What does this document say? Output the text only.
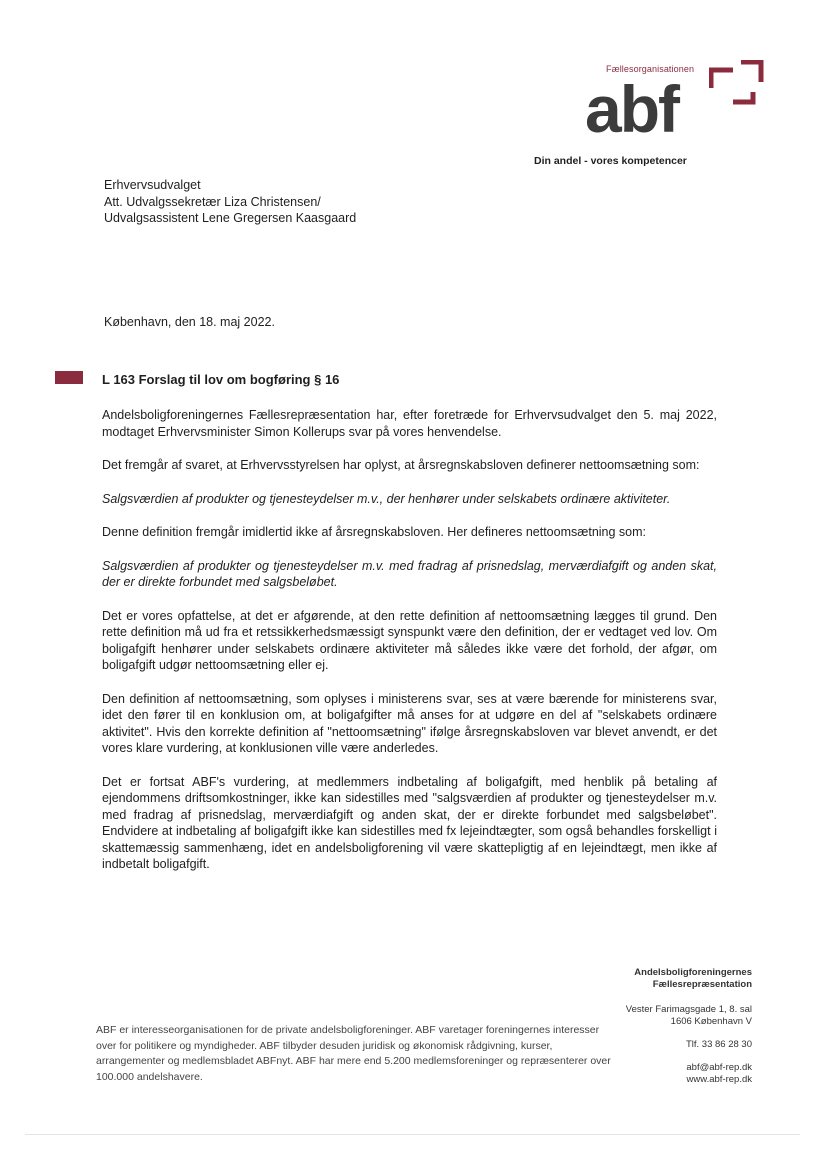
Fællesorganisationen
abf
Din andel - vores kompetencer
Erhvervsudvalget
Att. Udvalgssekretær Liza Christensen/
Udvalgsassistent Lene Gregersen Kaasgaard
København, den 18. maj 2022.
L 163 Forslag til lov om bogføring § 16

Andelsboligforeningernes Fællesrepræsentation har, efter foretræde for Erhvervsudvalget den 5. maj 2022, modtaget Erhvervsminister Simon Kollerups svar på vores henvendelse.

Det fremgår af svaret, at Erhvervsstyrelsen har oplyst, at årsregnskabsloven definerer nettoomsætning som:

Salgsværdien af produkter og tjenesteydelser m.v., der henhører under selskabets ordinære aktiviteter.

Denne definition fremgår imidlertid ikke af årsregnskabsloven. Her defineres nettoomsætning som:

Salgsværdien af produkter og tjenesteydelser m.v. med fradrag af prisnedslag, merværdiafgift og anden skat, der er direkte forbundet med salgsbeløbet.

Det er vores opfattelse, at det er afgørende, at den rette definition af nettoomsætning lægges til grund. Den rette definition må ud fra et retssikkerhedsmæssigt synspunkt være den definition, der er vedtaget ved lov. Om boligafgift henhører under selskabets ordinære aktiviteter må således ikke være det forhold, der afgør, om boligafgift udgør nettoomsætning eller ej.

Den definition af nettoomsætning, som oplyses i ministerens svar, ses at være bærende for ministerens svar, idet den fører til en konklusion om, at boligafgifter må anses for at udgøre en del af "selskabets ordinære aktivitet". Hvis den korrekte definition af "nettoomsætning" ifølge årsregnskabsloven var blevet anvendt, er det vores klare vurdering, at konklusionen ville være anderledes.

Det er fortsat ABF's vurdering, at medlemmers indbetaling af boligafgift, med henblik på betaling af ejendommens driftsomkostninger, ikke kan sidestilles med "salgsværdien af produkter og tjenesteydelser m.v. med fradrag af prisnedslag, merværdiafgift og anden skat, der er direkte forbundet med salgsbeløbet". Endvidere at indbetaling af boligafgift ikke kan sidestilles med fx lejeindtægter, som også behandles forskelligt i skattemæssig sammenhæng, idet en andelsboligforening vil være skattepligtig af en lejeindtægt, men ikke af indbetalt boligafgift.

Andelsboligforeningernes
Fællesrepræsentation
Vester Farimagsgade 1, 8. sal
1606 København V
Tlf. 33 86 28 30
abf@abf-rep.dk
www.abf-rep.dk
ABF er interesseorganisationen for de private andelsboligforeninger. ABF varetager foreningernes interesser over for politikere og myndigheder. ABF tilbyder desuden juridisk og økonomisk rådgivning, kurser, arrangementer og medlemsbladet ABFnyt. ABF har mere end 5.200 medlemsforeninger og repræsenterer over 100.000 andelshavere.
